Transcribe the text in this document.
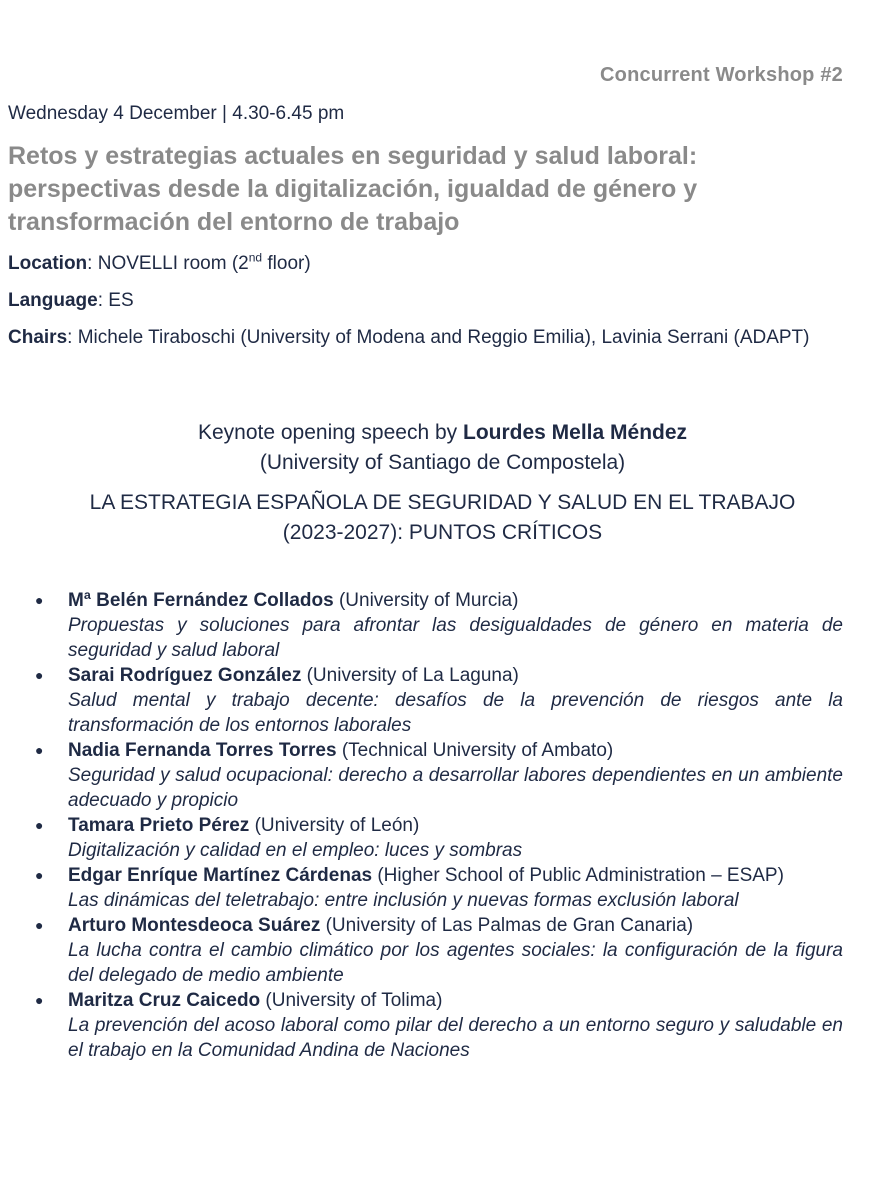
Concurrent Workshop #2
Wednesday 4 December | 4.30-6.45 pm
Retos y estrategias actuales en seguridad y salud laboral: perspectivas desde la digitalización, igualdad de género y transformación del entorno de trabajo

Location: NOVELLI room (2nd floor)

Language: ES

Chairs: Michele Tiraboschi (University of Modena and Reggio Emilia), Lavinia Serrani (ADAPT)

Keynote opening speech by Lourdes Mella Méndez
(University of Santiago de Compostela)
LA ESTRATEGIA ESPAÑOLA DE SEGURIDAD Y SALUD EN EL TRABAJO
(2023-2027): PUNTOS CRÍTICOS
● Mª Belén Fernández Collados (University of Murcia)
Propuestas y soluciones para afrontar las desigualdades de género en materia de seguridad y salud laboral
● Sarai Rodríguez González (University of La Laguna)
Salud mental y trabajo decente: desafíos de la prevención de riesgos ante la transformación de los entornos laborales
● Nadia Fernanda Torres Torres (Technical University of Ambato)
Seguridad y salud ocupacional: derecho a desarrollar labores dependientes en un ambiente adecuado y propicio
● Tamara Prieto Pérez (University of León)
Digitalización y calidad en el empleo: luces y sombras
● Edgar Enríque Martínez Cárdenas (Higher School of Public Administration – ESAP)
Las dinámicas del teletrabajo: entre inclusión y nuevas formas exclusión laboral
● Arturo Montesdeoca Suárez (University of Las Palmas de Gran Canaria)
La lucha contra el cambio climático por los agentes sociales: la configuración de la figura del delegado de medio ambiente
● Maritza Cruz Caicedo (University of Tolima)
La prevención del acoso laboral como pilar del derecho a un entorno seguro y saludable en el trabajo en la Comunidad Andina de Naciones
